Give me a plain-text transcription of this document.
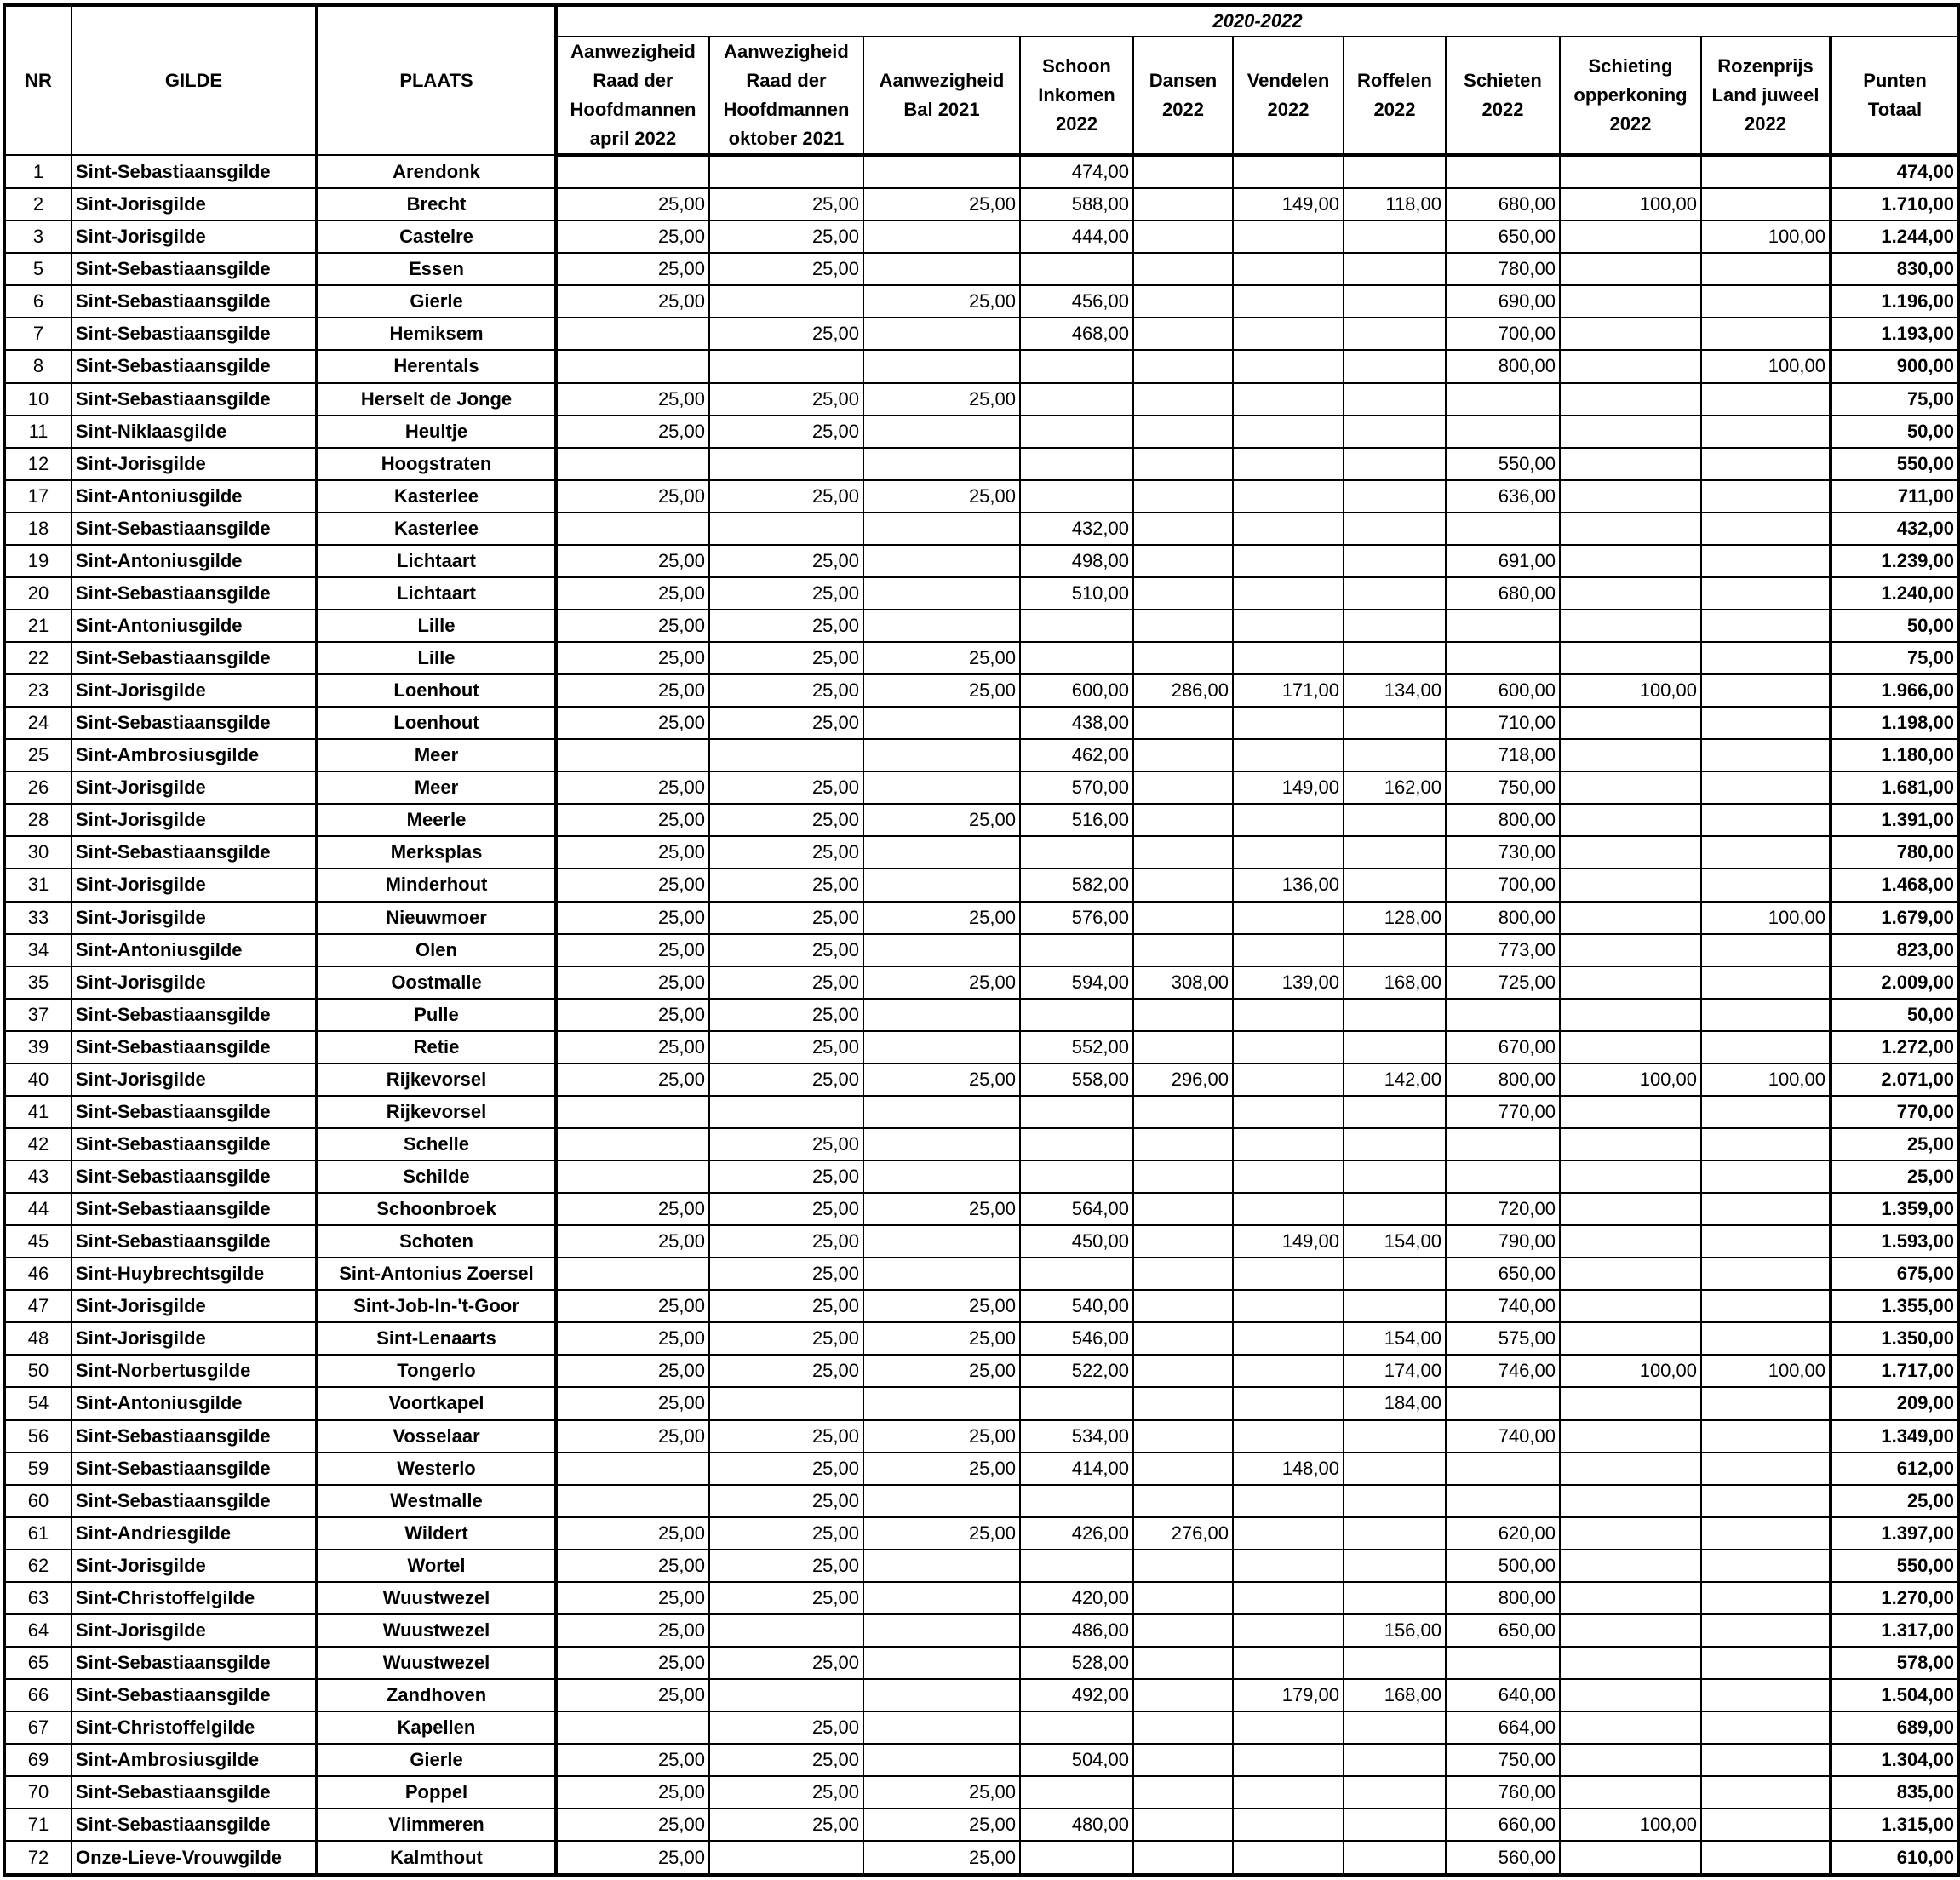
NR	GILDE	PLAATS	2020-2022										
			Aanwezigheid Raad der Hoofdmannen april 2022	Aanwezigheid Raad der Hoofdmannen oktober 2021	Aanwezigheid Bal 2021	Schoon Inkomen 2022	Dansen 2022	Vendelen 2022	Roffelen 2022	Schieten 2022	Schieting opperkoning 2022	Rozenprijs Land juweel 2022	Punten Totaal
1	Sint-Sebastiaansgilde	Arendonk				474,00							474,00
2	Sint-Jorisgilde	Brecht	25,00	25,00	25,00	588,00		149,00	118,00	680,00	100,00		1.710,00
3	Sint-Jorisgilde	Castelre	25,00	25,00		444,00				650,00		100,00	1.244,00
5	Sint-Sebastiaansgilde	Essen	25,00	25,00						780,00			830,00
6	Sint-Sebastiaansgilde	Gierle	25,00		25,00	456,00				690,00			1.196,00
7	Sint-Sebastiaansgilde	Hemiksem		25,00		468,00				700,00			1.193,00
8	Sint-Sebastiaansgilde	Herentals								800,00		100,00	900,00
10	Sint-Sebastiaansgilde	Herselt de Jonge	25,00	25,00	25,00								75,00
11	Sint-Niklaasgilde	Heultje	25,00	25,00									50,00
12	Sint-Jorisgilde	Hoogstraten								550,00			550,00
17	Sint-Antoniusgilde	Kasterlee	25,00	25,00	25,00					636,00			711,00
18	Sint-Sebastiaansgilde	Kasterlee				432,00							432,00
19	Sint-Antoniusgilde	Lichtaart	25,00	25,00		498,00				691,00			1.239,00
20	Sint-Sebastiaansgilde	Lichtaart	25,00	25,00		510,00				680,00			1.240,00
21	Sint-Antoniusgilde	Lille	25,00	25,00									50,00
22	Sint-Sebastiaansgilde	Lille	25,00	25,00	25,00								75,00
23	Sint-Jorisgilde	Loenhout	25,00	25,00	25,00	600,00	286,00	171,00	134,00	600,00	100,00		1.966,00
24	Sint-Sebastiaansgilde	Loenhout	25,00	25,00		438,00				710,00			1.198,00
25	Sint-Ambrosiusgilde	Meer				462,00				718,00			1.180,00
26	Sint-Jorisgilde	Meer	25,00	25,00		570,00		149,00	162,00	750,00			1.681,00
28	Sint-Jorisgilde	Meerle	25,00	25,00	25,00	516,00				800,00			1.391,00
30	Sint-Sebastiaansgilde	Merksplas	25,00	25,00						730,00			780,00
31	Sint-Jorisgilde	Minderhout	25,00	25,00		582,00		136,00		700,00			1.468,00
33	Sint-Jorisgilde	Nieuwmoer	25,00	25,00	25,00	576,00			128,00	800,00		100,00	1.679,00
34	Sint-Antoniusgilde	Olen	25,00	25,00						773,00			823,00
35	Sint-Jorisgilde	Oostmalle	25,00	25,00	25,00	594,00	308,00	139,00	168,00	725,00			2.009,00
37	Sint-Sebastiaansgilde	Pulle	25,00	25,00									50,00
39	Sint-Sebastiaansgilde	Retie	25,00	25,00		552,00				670,00			1.272,00
40	Sint-Jorisgilde	Rijkevorsel	25,00	25,00	25,00	558,00	296,00		142,00	800,00	100,00	100,00	2.071,00
41	Sint-Sebastiaansgilde	Rijkevorsel								770,00			770,00
42	Sint-Sebastiaansgilde	Schelle		25,00									25,00
43	Sint-Sebastiaansgilde	Schilde		25,00									25,00
44	Sint-Sebastiaansgilde	Schoonbroek	25,00	25,00	25,00	564,00				720,00			1.359,00
45	Sint-Sebastiaansgilde	Schoten	25,00	25,00		450,00		149,00	154,00	790,00			1.593,00
46	Sint-Huybrechtsgilde	Sint-Antonius Zoersel		25,00						650,00			675,00
47	Sint-Jorisgilde	Sint-Job-In-'t-Goor	25,00	25,00	25,00	540,00				740,00			1.355,00
48	Sint-Jorisgilde	Sint-Lenaarts	25,00	25,00	25,00	546,00			154,00	575,00			1.350,00
50	Sint-Norbertusgilde	Tongerlo	25,00	25,00	25,00	522,00			174,00	746,00	100,00	100,00	1.717,00
54	Sint-Antoniusgilde	Voortkapel	25,00						184,00				209,00
56	Sint-Sebastiaansgilde	Vosselaar	25,00	25,00	25,00	534,00				740,00			1.349,00
59	Sint-Sebastiaansgilde	Westerlo		25,00	25,00	414,00		148,00					612,00
60	Sint-Sebastiaansgilde	Westmalle		25,00									25,00
61	Sint-Andriesgilde	Wildert	25,00	25,00	25,00	426,00	276,00			620,00			1.397,00
62	Sint-Jorisgilde	Wortel	25,00	25,00						500,00			550,00
63	Sint-Christoffelgilde	Wuustwezel	25,00	25,00		420,00				800,00			1.270,00
64	Sint-Jorisgilde	Wuustwezel	25,00			486,00			156,00	650,00			1.317,00
65	Sint-Sebastiaansgilde	Wuustwezel	25,00	25,00		528,00							578,00
66	Sint-Sebastiaansgilde	Zandhoven	25,00			492,00		179,00	168,00	640,00			1.504,00
67	Sint-Christoffelgilde	Kapellen		25,00						664,00			689,00
69	Sint-Ambrosiusgilde	Gierle	25,00	25,00		504,00				750,00			1.304,00
70	Sint-Sebastiaansgilde	Poppel	25,00	25,00	25,00					760,00			835,00
71	Sint-Sebastiaansgilde	Vlimmeren	25,00	25,00	25,00	480,00				660,00	100,00		1.315,00
72	Onze-Lieve-Vrouwgilde	Kalmthout	25,00		25,00					560,00			610,00
